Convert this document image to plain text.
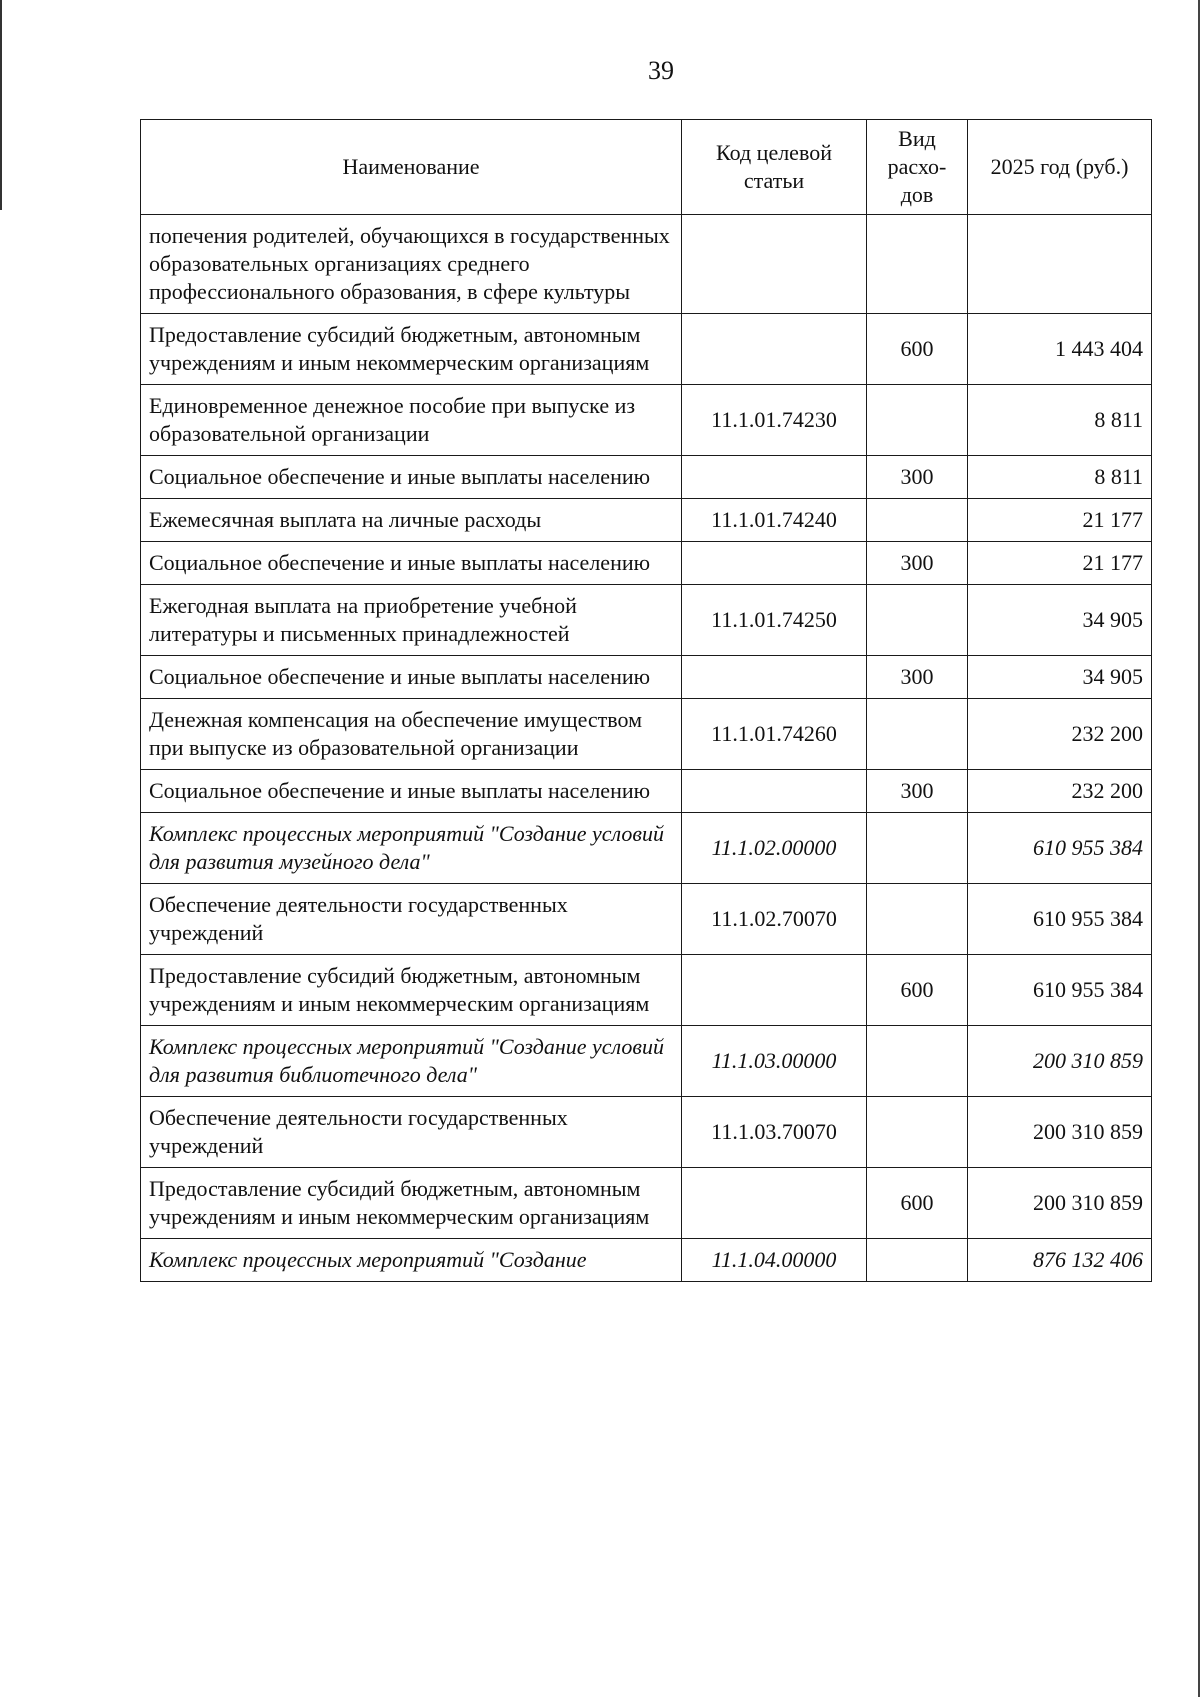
39
Наименование	Код целевой статьи	Вид расхо-дов	2025 год (руб.)
попечения родителей, обучающихся в государственных образовательных организациях среднего профессионального образования, в сфере культуры			
Предоставление субсидий бюджетным, автономным учреждениям и иным некоммерческим организациям		600	1 443 404
Единовременное денежное пособие при выпуске из образовательной организации	11.1.01.74230		8 811
Социальное обеспечение и иные выплаты населению		300	8 811
Ежемесячная выплата на личные расходы	11.1.01.74240		21 177
Социальное обеспечение и иные выплаты населению		300	21 177
Ежегодная выплата на приобретение учебной литературы и письменных принадлежностей	11.1.01.74250		34 905
Социальное обеспечение и иные выплаты населению		300	34 905
Денежная компенсация на обеспечение имуществом при выпуске из образовательной организации	11.1.01.74260		232 200
Социальное обеспечение и иные выплаты населению		300	232 200
Комплекс процессных мероприятий "Создание условий для развития музейного дела"	11.1.02.00000		610 955 384
Обеспечение деятельности государственных учреждений	11.1.02.70070		610 955 384
Предоставление субсидий бюджетным, автономным учреждениям и иным некоммерческим организациям		600	610 955 384
Комплекс процессных мероприятий "Создание условий для развития библиотечного дела"	11.1.03.00000		200 310 859
Обеспечение деятельности государственных учреждений	11.1.03.70070		200 310 859
Предоставление субсидий бюджетным, автономным учреждениям и иным некоммерческим организациям		600	200 310 859
Комплекс процессных мероприятий "Создание	11.1.04.00000		876 132 406
